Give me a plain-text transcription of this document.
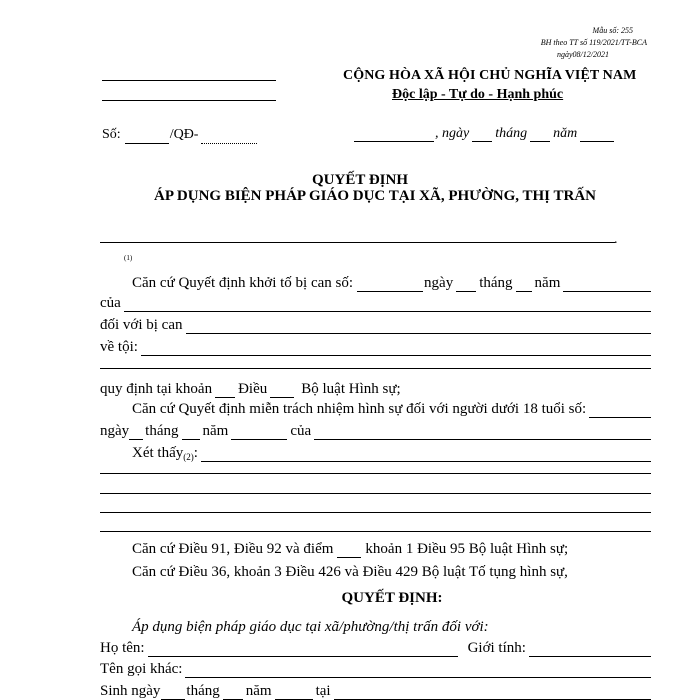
Mẫu số: 255
BH theo TT số 119/2021/TT-BCA
ngày08/12/2021
CỘNG HÒA XÃ HỘI CHỦ NGHĨA VIỆT NAM
Độc lập - Tự do - Hạnh phúc
Số:	/QĐ-	, ngày tháng năm
QUYẾT ĐỊNH
ÁP DỤNG BIỆN PHÁP GIÁO DỤC TẠI XÃ, PHƯỜNG, THỊ TRẤN
.
(1)
Căn cứ Quyết định khởi tố bị can số:	ngày tháng năm
của
đối với bị can
về tội:
quy định tại khoản Điều Bộ luật Hình sự;
Căn cứ Quyết định miễn trách nhiệm hình sự đối với người dưới 18 tuổi số:
ngày tháng năm	của
Xét thấy$_{(2)}$ :
Căn cứ Điều 91, Điều 92 và điểm khoản 1 Điều 95 Bộ luật Hình sự;
Căn cứ Điều 36, khoản 3 Điều 426 và Điều 429 Bộ luật Tố tụng hình sự,
QUYẾT ĐỊNH:
Áp dụng biện pháp giáo dục tại xã/phường/thị trấn đối với:
Họ tên:	Giới tính:
Tên gọi khác:
Sinh ngày tháng năm	tại
